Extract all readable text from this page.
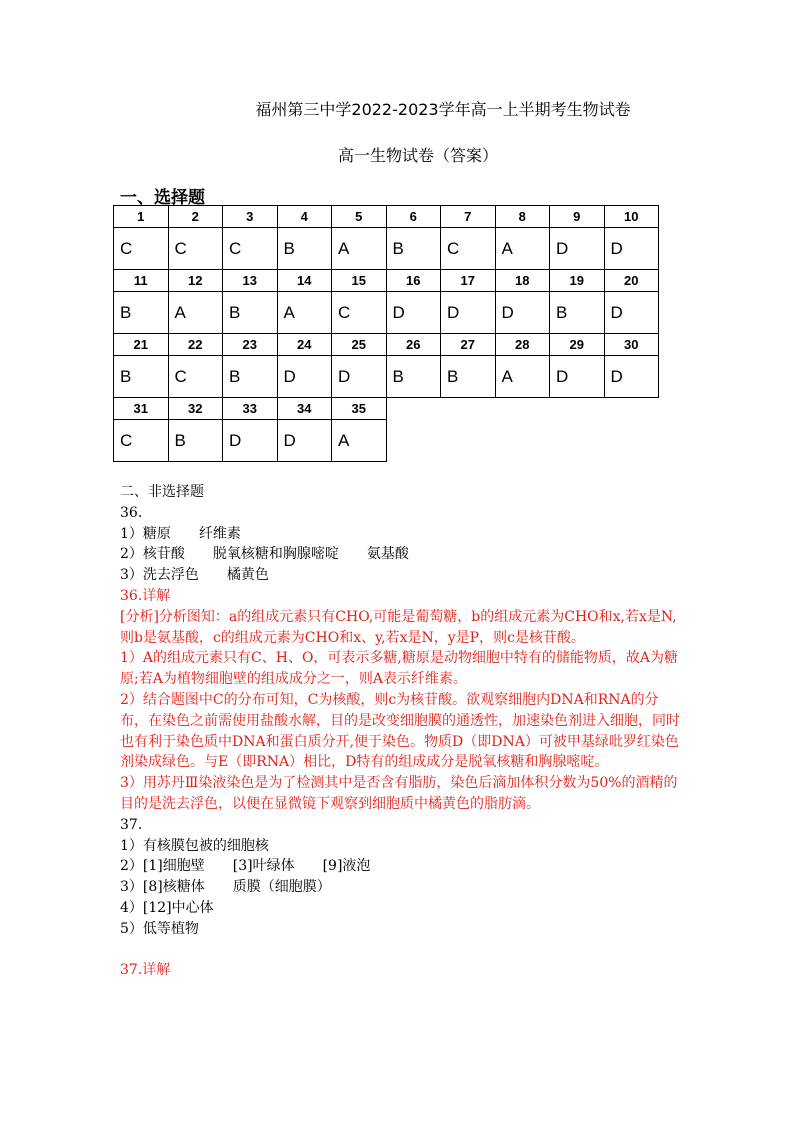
福州第三中学2022-2023学年高一上半期考生物试卷
高一生物试卷（答案）
一、选择题
1	2	3	4	5	6	7	8	9	10
C	C	C	B	A	B	C	A	D	D
11	12	13	14	15	16	17	18	19	20
B	A	B	A	C	D	D	D	B	D
21	22	23	24	25	26	27	28	29	30
B	C	B	D	D	B	B	A	D	D
31	32	33	34	35					
C	B	D	D	A					

二、非选择题

36.

1）糖原　　纤维素

2）核苷酸　　脱氧核糖和胸腺嘧啶　　氨基酸

3）洗去浮色　　橘黄色

36.详解

[分析]分析图知：a的组成元素只有CHO,可能是葡萄糖，b的组成元素为CHO和x,若x是N,则b是氨基酸，c的组成元素为CHO和x、y,若x是N，y是P，则c是核苷酸。

1）A的组成元素只有C、H、O，可表示多糖,糖原是动物细胞中特有的储能物质，故A为糖原;若A为植物细胞壁的组成成分之一，则A表示纤维素。

2）结合题图中C的分布可知，C为核酸，则c为核苷酸。欲观察细胞内DNA和RNA的分布，在染色之前需使用盐酸水解，目的是改变细胞膜的通透性，加速染色剂进入细胞，同时也有利于染色质中DNA和蛋白质分开,便于染色。物质D（即DNA）可被甲基绿吡罗红染色剂染成绿色。与E（即RNA）相比，D特有的组成成分是脱氧核糖和胸腺嘧啶。

3）用苏丹Ⅲ染液染色是为了检测其中是否含有脂肪，染色后滴加体积分数为50%的酒精的目的是洗去浮色，以便在显微镜下观察到细胞质中橘黄色的脂肪滴。

37.

1）有核膜包被的细胞核

2）[1]细胞壁　　[3]叶绿体　　[9]液泡

3）[8]核糖体　　质膜（细胞膜）

4）[12]中心体

5）低等植物

37.详解
